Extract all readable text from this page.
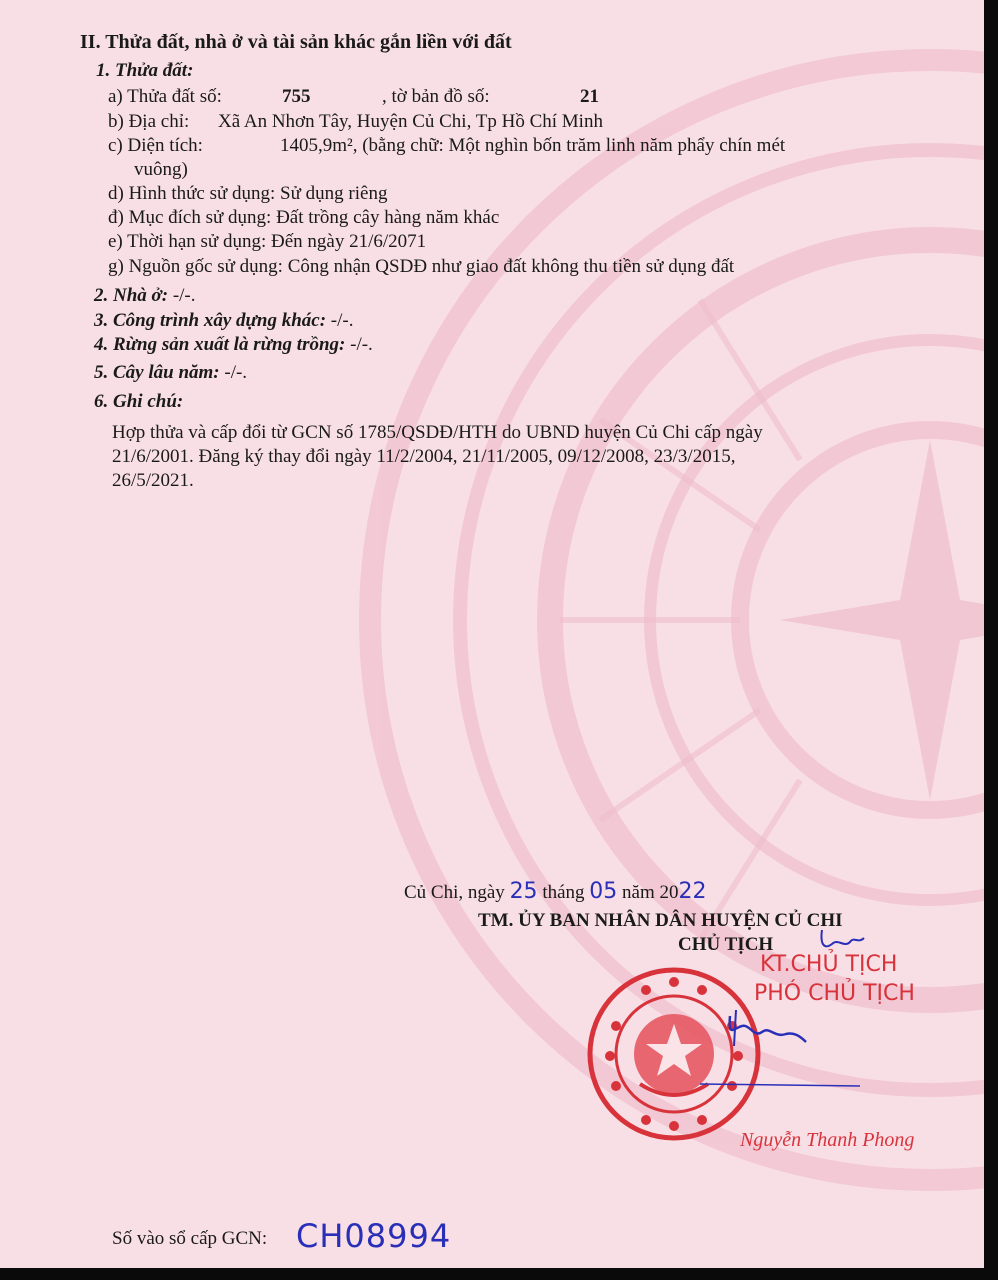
II. Thửa đất, nhà ở và tài sản khác gắn liền với đất
1. Thửa đất:
a) Thửa đất số:	755	, tờ bản đồ số:	21
b) Địa chỉ: Xã An Nhơn Tây, Huyện Củ Chi, Tp Hồ Chí Minh
c) Diện tích:	1405,9m², (bằng chữ: Một nghìn bốn trăm linh năm phẩy chín mét
vuông)
d) Hình thức sử dụng: Sử dụng riêng
đ) Mục đích sử dụng: Đất trồng cây hàng năm khác
e) Thời hạn sử dụng: Đến ngày 21/6/2071
g) Nguồn gốc sử dụng: Công nhận QSDĐ như giao đất không thu tiền sử dụng đất
2. Nhà ở: -/-.
3. Công trình xây dựng khác: -/-.
4. Rừng sản xuất là rừng trồng: -/-.
5. Cây lâu năm: -/-.
6. Ghi chú:
Hợp thửa và cấp đổi từ GCN số 1785/QSDĐ/HTH do UBND huyện Củ Chi cấp ngày
21/6/2001. Đăng ký thay đổi ngày 11/2/2004, 21/11/2005, 09/12/2008, 23/3/2015,
26/5/2021.
Củ Chi, ngày 25 tháng 05 năm 2022
TM. ỦY BAN NHÂN DÂN HUYỆN CỦ CHI
CHỦ TỊCH
KT.CHỦ TỊCH
PHÓ CHỦ TỊCH
Nguyễn Thanh Phong
Số vào sổ cấp GCN: CH08994
